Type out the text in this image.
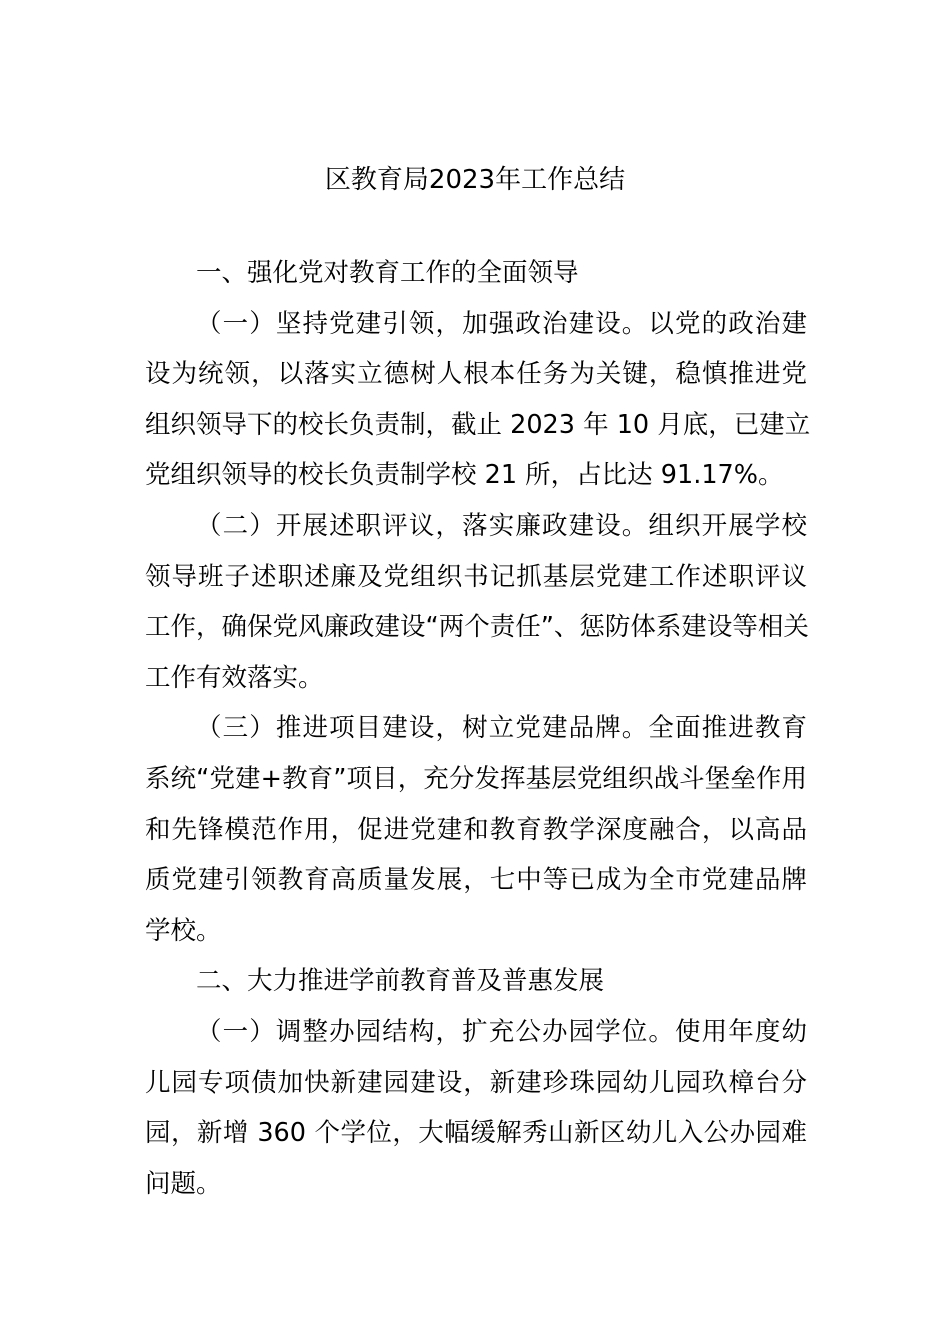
区教育局2023年工作总结
一、强化党对教育工作的全面领导
（一）坚持党建引领，加强政治建设。以党的政治建
设为统领，以落实立德树人根本任务为关键，稳慎推进党
组织领导下的校长负责制，截止 2023 年 10 月底，已建立
党组织领导的校长负责制学校 21 所，占比达 91.17%。
（二）开展述职评议，落实廉政建设。组织开展学校
领导班子述职述廉及党组织书记抓基层党建工作述职评议
工作，确保党风廉政建设“两个责任”、惩防体系建设等相关
工作有效落实。
（三）推进项目建设，树立党建品牌。全面推进教育
系统“党建+教育”项目，充分发挥基层党组织战斗堡垒作用
和先锋模范作用，促进党建和教育教学深度融合，以高品
质党建引领教育高质量发展，七中等已成为全市党建品牌
学校。
二、大力推进学前教育普及普惠发展
（一）调整办园结构，扩充公办园学位。使用年度幼
儿园专项债加快新建园建设，新建珍珠园幼儿园玖樟台分
园，新增 360 个学位，大幅缓解秀山新区幼儿入公办园难
问题。
